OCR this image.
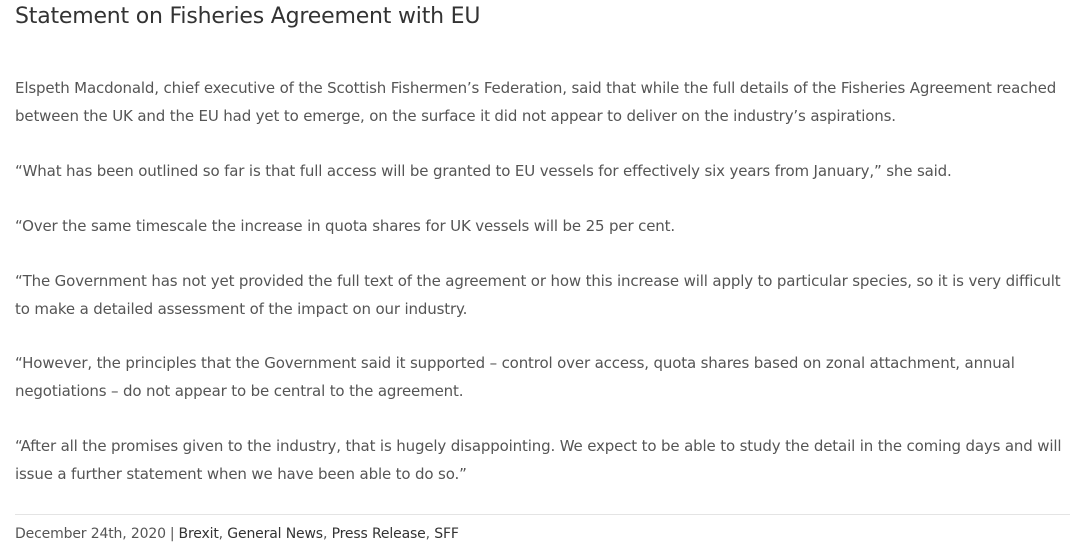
Statement on Fisheries Agreement with EU

Elspeth Macdonald, chief executive of the Scottish Fishermen’s Federation, said that while the full details of the Fisheries Agreement reached between the UK and the EU had yet to emerge, on the surface it did not appear to deliver on the industry’s aspirations.

“What has been outlined so far is that full access will be granted to EU vessels for effectively six years from January,” she said.

“Over the same timescale the increase in quota shares for UK vessels will be 25 per cent.

“The Government has not yet provided the full text of the agreement or how this increase will apply to particular species, so it is very difficult to make a detailed assessment of the impact on our industry.

“However, the principles that the Government said it supported – control over access, quota shares based on zonal attachment, annual negotiations – do not appear to be central to the agreement.

“After all the promises given to the industry, that is hugely disappointing. We expect to be able to study the detail in the coming days and will issue a further statement when we have been able to do so.”

December 24th, 2020 | Brexit, General News, Press Release, SFF
